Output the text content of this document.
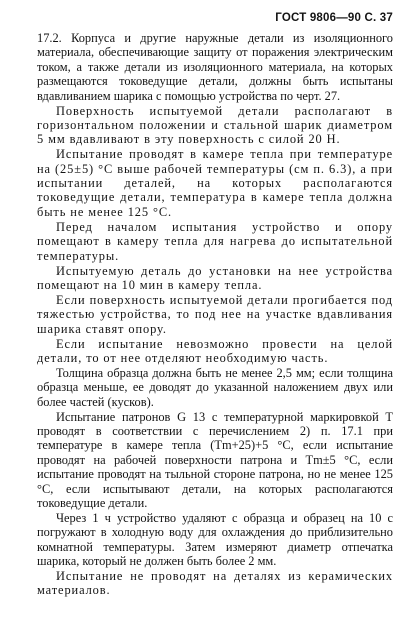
ГОСТ 9806—90 С. 37

17.2. Корпуса и другие наружные детали из изоляционного материала, обеспечивающие защиту от поражения электрическим током, а также детали из изоляционного материала, на которых размещаются токоведущие детали, должны быть испытаны вдавливанием шарика с помощью устройства по черт. 27.

Поверхность испытуемой детали располагают в горизонтальном положении и стальной шарик диаметром 5 мм вдавливают в эту поверхность с силой 20 Н.

Испытание проводят в камере тепла при температуре на (25±5) °С выше рабочей температуры (см п. 6.3), а при испытании деталей, на которых располагаются токоведущие детали, температура в камере тепла должна быть не менее 125 °С.

Перед началом испытания устройство и опору помещают в камеру тепла для нагрева до испытательной температуры.

Испытуемую деталь до установки на нее устройства помещают на 10 мин в камеру тепла.

Если поверхность испытуемой детали прогибается под тяжестью устройства, то под нее на участке вдавливания шарика ставят опору.

Если испытание невозможно провести на целой детали, то от нее отделяют необходимую часть.

Толщина образца должна быть не менее 2,5 мм; если толщина образца меньше, ее доводят до указанной наложением двух или более частей (кусков).

Испытание патронов G 13 с температурной маркировкой Т проводят в соответствии с перечислением 2) п. 17.1 при температуре в камере тепла (Tm+25)+5 °С, если испытание проводят на рабочей поверхности патрона и Tm±5 °С, если испытание проводят на тыльной стороне патрона, но не менее 125 °С, если испытывают детали, на которых располагаются токоведущие детали.

Через 1 ч устройство удаляют с образца и образец на 10 с погружают в холодную воду для охлаждения до приблизительно комнатной температуры. Затем измеряют диаметр отпечатка шарика, который не должен быть более 2 мм.

Испытание не проводят на деталях из керамических материалов.
